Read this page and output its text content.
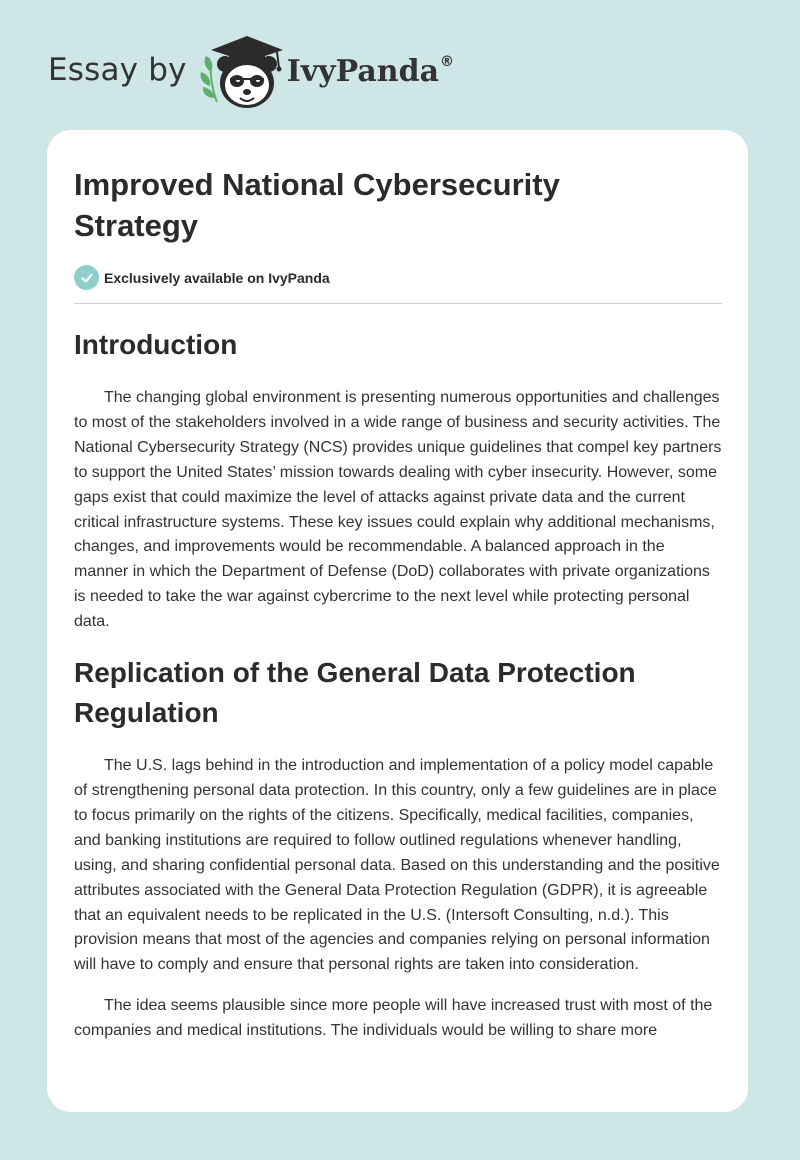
Essay by	IvyPanda®
Improved National Cybersecurity Strategy
Exclusively available on IvyPanda
Introduction

The changing global environment is presenting numerous opportunities and challenges to most of the stakeholders involved in a wide range of business and security activities. The National Cybersecurity Strategy (NCS) provides unique guidelines that compel key partners to support the United States’ mission towards dealing with cyber insecurity. However, some gaps exist that could maximize the level of attacks against private data and the current critical infrastructure systems. These key issues could explain why additional mechanisms, changes, and improvements would be recommendable. A balanced approach in the manner in which the Department of Defense (DoD) collaborates with private organizations is needed to take the war against cybercrime to the next level while protecting personal data.

Replication of the General Data Protection Regulation

The U.S. lags behind in the introduction and implementation of a policy model capable of strengthening personal data protection. In this country, only a few guidelines are in place to focus primarily on the rights of the citizens. Specifically, medical facilities, companies, and banking institutions are required to follow outlined regulations whenever handling, using, and sharing confidential personal data. Based on this understanding and the positive attributes associated with the General Data Protection Regulation (GDPR), it is agreeable that an equivalent needs to be replicated in the U.S. (Intersoft Consulting, n.d.). This provision means that most of the agencies and companies relying on personal information will have to comply and ensure that personal rights are taken into consideration.

The idea seems plausible since more people will have increased trust with most of the companies and medical institutions. The individuals would be willing to share more
